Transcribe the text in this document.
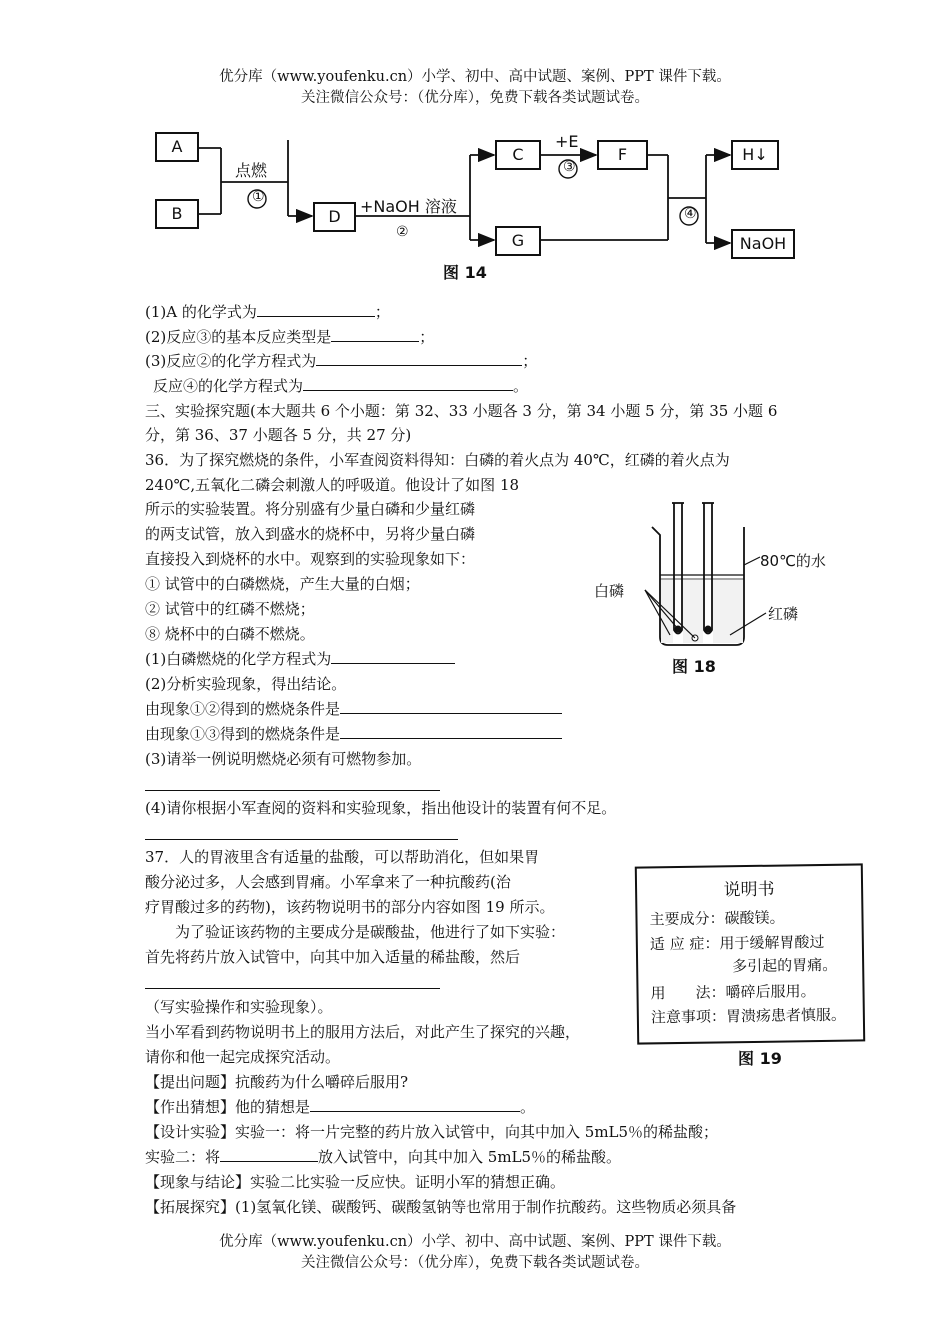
优分库（www.youfenku.cn）小学、初中、高中试题、案例、PPT 课件下载。
关注微信公众号：（优分库），免费下载各类试题试卷。
A
B	D
C	F
G
H↓
NaOH
点燃
①	+NaOH 溶液
②
+E
③
④
图 14
(1)A 的化学式为	；
(2)反应③的基本反应类型是	；
(3)反应②的化学方程式为	；
反应④的化学方程式为	。
三、实验探究题(本大题共 6 个小题：第 32、33 小题各 3 分，第 34 小题 5 分，第 35 小题 6
分，第 36、37 小题各 5 分，共 27 分)
36．为了探究燃烧的条件，小军查阅资料得知：白磷的着火点为 40℃，红磷的着火点为
240℃,五氧化二磷会刺激人的呼吸道。他设计了如图 18
所示的实验装置。将分别盛有少量白磷和少量红磷
的两支试管，放入到盛水的烧杯中，另将少量白磷
直接投入到烧杯的水中。观察到的实验现象如下：
① 试管中的白磷燃烧，产生大量的白烟；
② 试管中的红磷不燃烧；
⑧ 烧杯中的白磷不燃烧。
(1)白磷燃烧的化学方程式为
(2)分析实验现象，得出结论。
由现象①②得到的燃烧条件是
由现象①③得到的燃烧条件是
(3)请举一例说明燃烧必须有可燃物参加。
(4)请你根据小军查阅的资料和实验现象，指出他设计的装置有何不足。
80℃的水
白磷
红磷
图 18
37．人的胃液里含有适量的盐酸，可以帮助消化，但如果胃
酸分泌过多，人会感到胃痛。小军拿来了一种抗酸药(治
疗胃酸过多的药物)，该药物说明书的部分内容如图 19 所示。
为了验证该药物的主要成分是碳酸盐，他进行了如下实验：
首先将药片放入试管中，向其中加入适量的稀盐酸，然后
（写实验操作和实验现象）。
当小军看到药物说明书上的服用方法后，对此产生了探究的兴趣，
请你和他一起完成探究活动。
【提出问题】抗酸药为什么嚼碎后服用?
【作出猜想】他的猜想是	。
【设计实验】实验一：将一片完整的药片放入试管中，向其中加入 5mL5％的稀盐酸；
实验二：将	放入试管中，向其中加入 5mL5％的稀盐酸。
【现象与结论】实验二比实验一反应快。证明小军的猜想正确。
【拓展探究】(1)氢氧化镁、碳酸钙、碳酸氢钠等也常用于制作抗酸药。这些物质必须具备
说明书
主要成分：碳酸镁。
适 应 症：用于缓解胃酸过
多引起的胃痛。
用　　法：嚼碎后服用。
注意事项：胃溃疡患者慎服。
图 19
优分库（www.youfenku.cn）小学、初中、高中试题、案例、PPT 课件下载。
关注微信公众号：（优分库），免费下载各类试题试卷。
